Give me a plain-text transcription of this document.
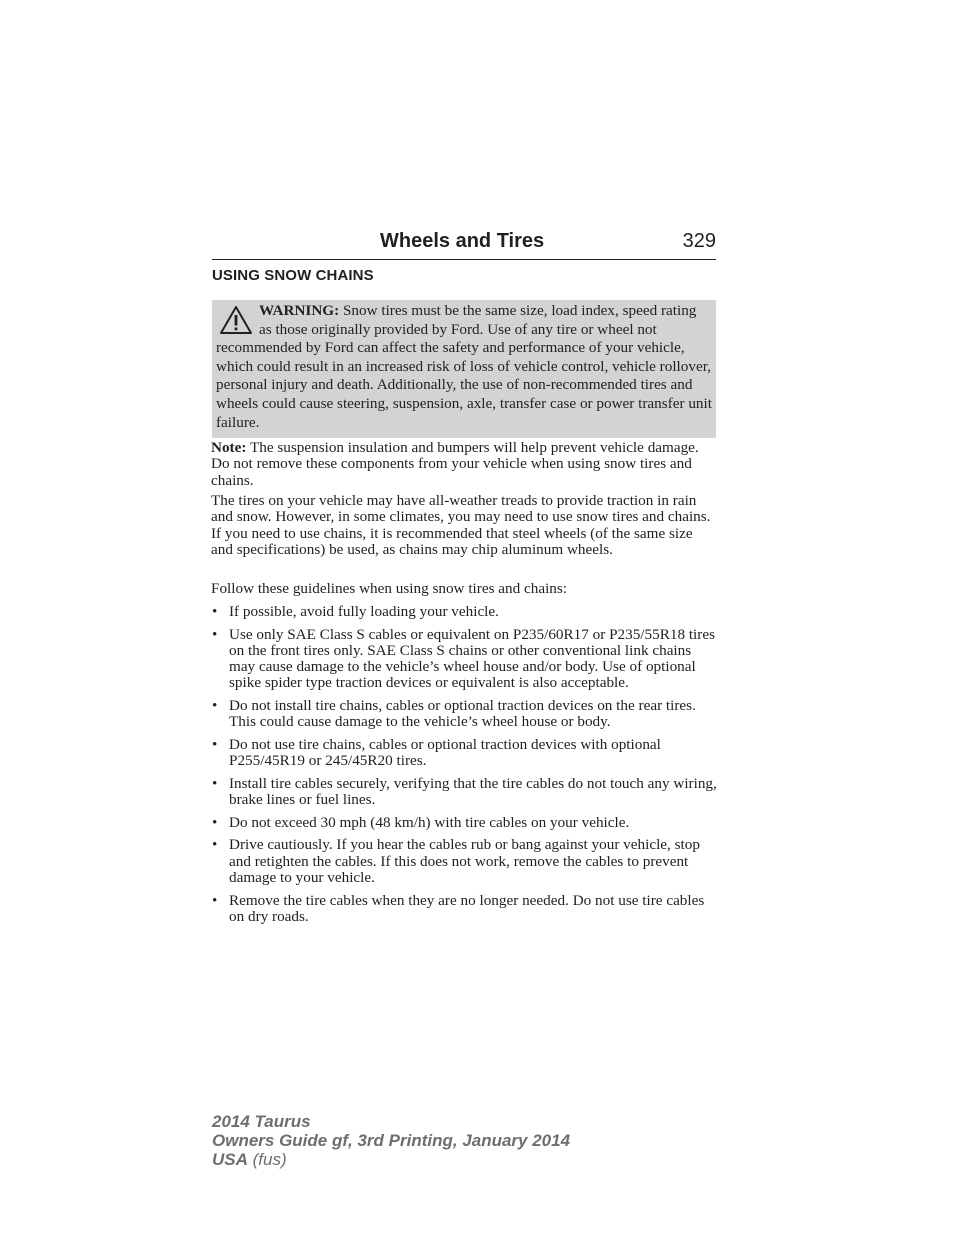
Wheels and Tires	329
USING SNOW CHAINS

WARNING: Snow tires must be the same size, load index, speed rating as those originally provided by Ford. Use of any tire or wheel not recommended by Ford can affect the safety and performance of your vehicle, which could result in an increased risk of loss of vehicle control, vehicle rollover, personal injury and death. Additionally, the use of non-recommended tires and wheels could cause steering, suspension, axle, transfer case or power transfer unit failure.

Note: The suspension insulation and bumpers will help prevent vehicle damage. Do not remove these components from your vehicle when using snow tires and chains.

The tires on your vehicle may have all-weather treads to provide traction in rain and snow. However, in some climates, you may need to use snow tires and chains. If you need to use chains, it is recommended that steel wheels (of the same size and specifications) be used, as chains may chip aluminum wheels.

Follow these guidelines when using snow tires and chains:

• If possible, avoid fully loading your vehicle.
• Use only SAE Class S cables or equivalent on P235/60R17 or P235/55R18 tires on the front tires only. SAE Class S chains or other conventional link chains may cause damage to the vehicle’s wheel house and/or body. Use of optional spike spider type traction devices or equivalent is also acceptable.
• Do not install tire chains, cables or optional traction devices on the rear tires. This could cause damage to the vehicle’s wheel house or body.
• Do not use tire chains, cables or optional traction devices with optional P255/45R19 or 245/45R20 tires.
• Install tire cables securely, verifying that the tire cables do not touch any wiring, brake lines or fuel lines.
• Do not exceed 30 mph (48 km/h) with tire cables on your vehicle.
• Drive cautiously. If you hear the cables rub or bang against your vehicle, stop and retighten the cables. If this does not work, remove the cables to prevent damage to your vehicle.
• Remove the tire cables when they are no longer needed. Do not use tire cables on dry roads.
2014 Taurus
Owners Guide gf, 3rd Printing, January 2014
USA (fus)
